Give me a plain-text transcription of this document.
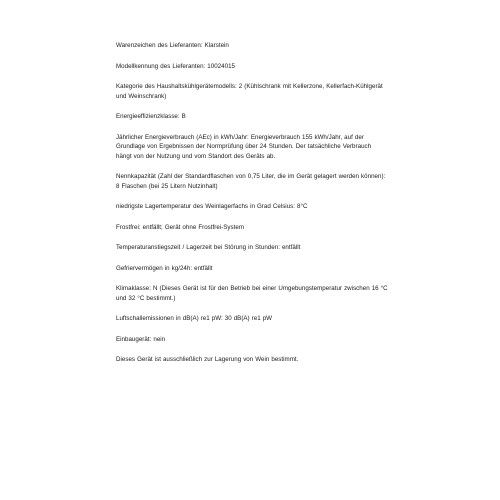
Warenzeichen des Lieferanten: Klarstein

Modellkennung des Lieferanten: 10024015

Kategorie des Haushaltskühlgerätemodells: 2 (Kühlschrank mit Kellerzone, Kellerfach-Kühlgerät und Weinschrank)

Energieeffizienzklasse: B

Jährlicher Energieverbrauch (AEc) in kWh/Jahr: Energieverbrauch 155 kWh/Jahr, auf der Grundlage von Ergebnissen der Normprüfung über 24 Stunden. Der tatsächliche Verbrauch hängt von der Nutzung und vom Standort des Geräts ab.

Nennkapazität (Zahl der Standardflaschen von 0,75 Liter, die im Gerät gelagert werden können): 8 Flaschen (bei 25 Litern Nutzinhalt)

niedrigste Lagertemperatur des Weinlagerfachs in Grad Celsius: 8°C

Frostfrei: entfällt; Gerät ohne Frostfrei-System

Temperaturanstiegszeit / Lagerzeit bei Störung in Stunden: entfällt

Gefriervermögen in kg/24h: entfällt

Klimaklasse: N (Dieses Gerät ist für den Betrieb bei einer Umgebungstemperatur zwischen 16 °C und 32 °C bestimmt.)

Luftschallemissionen in dB(A) re1 pW: 30 dB(A) re1 pW

Einbaugerät: nein

Dieses Gerät ist ausschließlich zur Lagerung von Wein bestimmt.
